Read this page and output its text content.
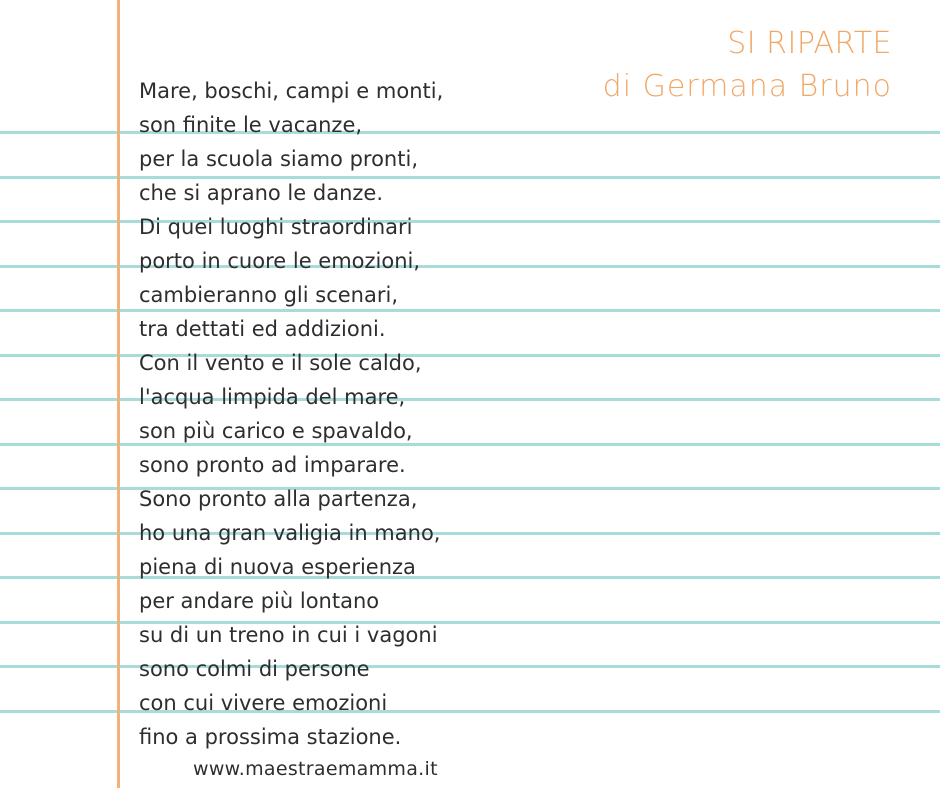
SI RIPARTE
di Germana Bruno
Mare, boschi, campi e monti,
son finite le vacanze,
per la scuola siamo pronti,
che si aprano le danze.
Di quei luoghi straordinari
porto in cuore le emozioni,
cambieranno gli scenari,
tra dettati ed addizioni.
Con il vento e il sole caldo,
l'acqua limpida del mare,
son più carico e spavaldo,
sono pronto ad imparare.
Sono pronto alla partenza,
ho una gran valigia in mano,
piena di nuova esperienza
per andare più lontano
su di un treno in cui i vagoni
sono colmi di persone
con cui vivere emozioni
fino a prossima stazione.
www.maestraemamma.it
